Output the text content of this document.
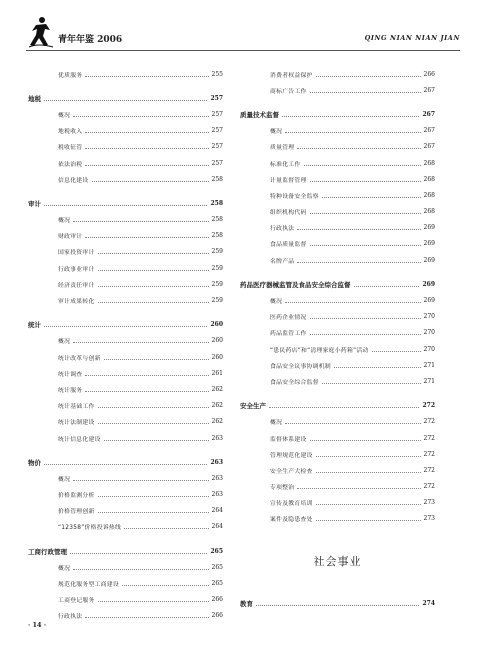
青年年鉴 2006	QING NIAN NIAN JIAN
优质服务	255
地税	257
概况	257
地税收入	257
税收征管	257
依法治税	257
信息化建设	258
审计	258
概况	258
财政审计	258
国家投资审计	259
行政事业审计	259
经济责任审计	259
审计成果转化	259
统计	260
概况	260
统计改革与创新	260
统计调查	261
统计服务	262
统计基础工作	262
统计法制建设	262
统计信息化建设	263
物价	263
概况	263
价格监测分析	263
价格管理创新	264
“12358”价格投诉热线	264
工商行政管理	265
概况	265
规范化服务型工商建设	265
工商登记服务	266
行政执法	266
消费者权益保护	266
商标广告工作	267
质量技术监督	267
概况	267
质量管理	267
标准化工作	268
计量监督管理	268
特种设备安全监察	268
组织机构代码	268
行政执法	269
食品质量监督	269
名牌产品	269
药品医疗器械监管及食品安全综合监督	269
概况	269
医药企业情况	270
药品监管工作	270
“患民药店”和“清理家庭小药箱”活动	270
食品安全议事协调机制	271
食品安全综合监督	271
安全生产	272
概况	272
监督体系建设	272
管理规范化建设	272
安全生产大检查	272
专项整治	272
宣传及教育培训	273
案件及隐患查处	273
社会事业
教育	274
· 14 ·
